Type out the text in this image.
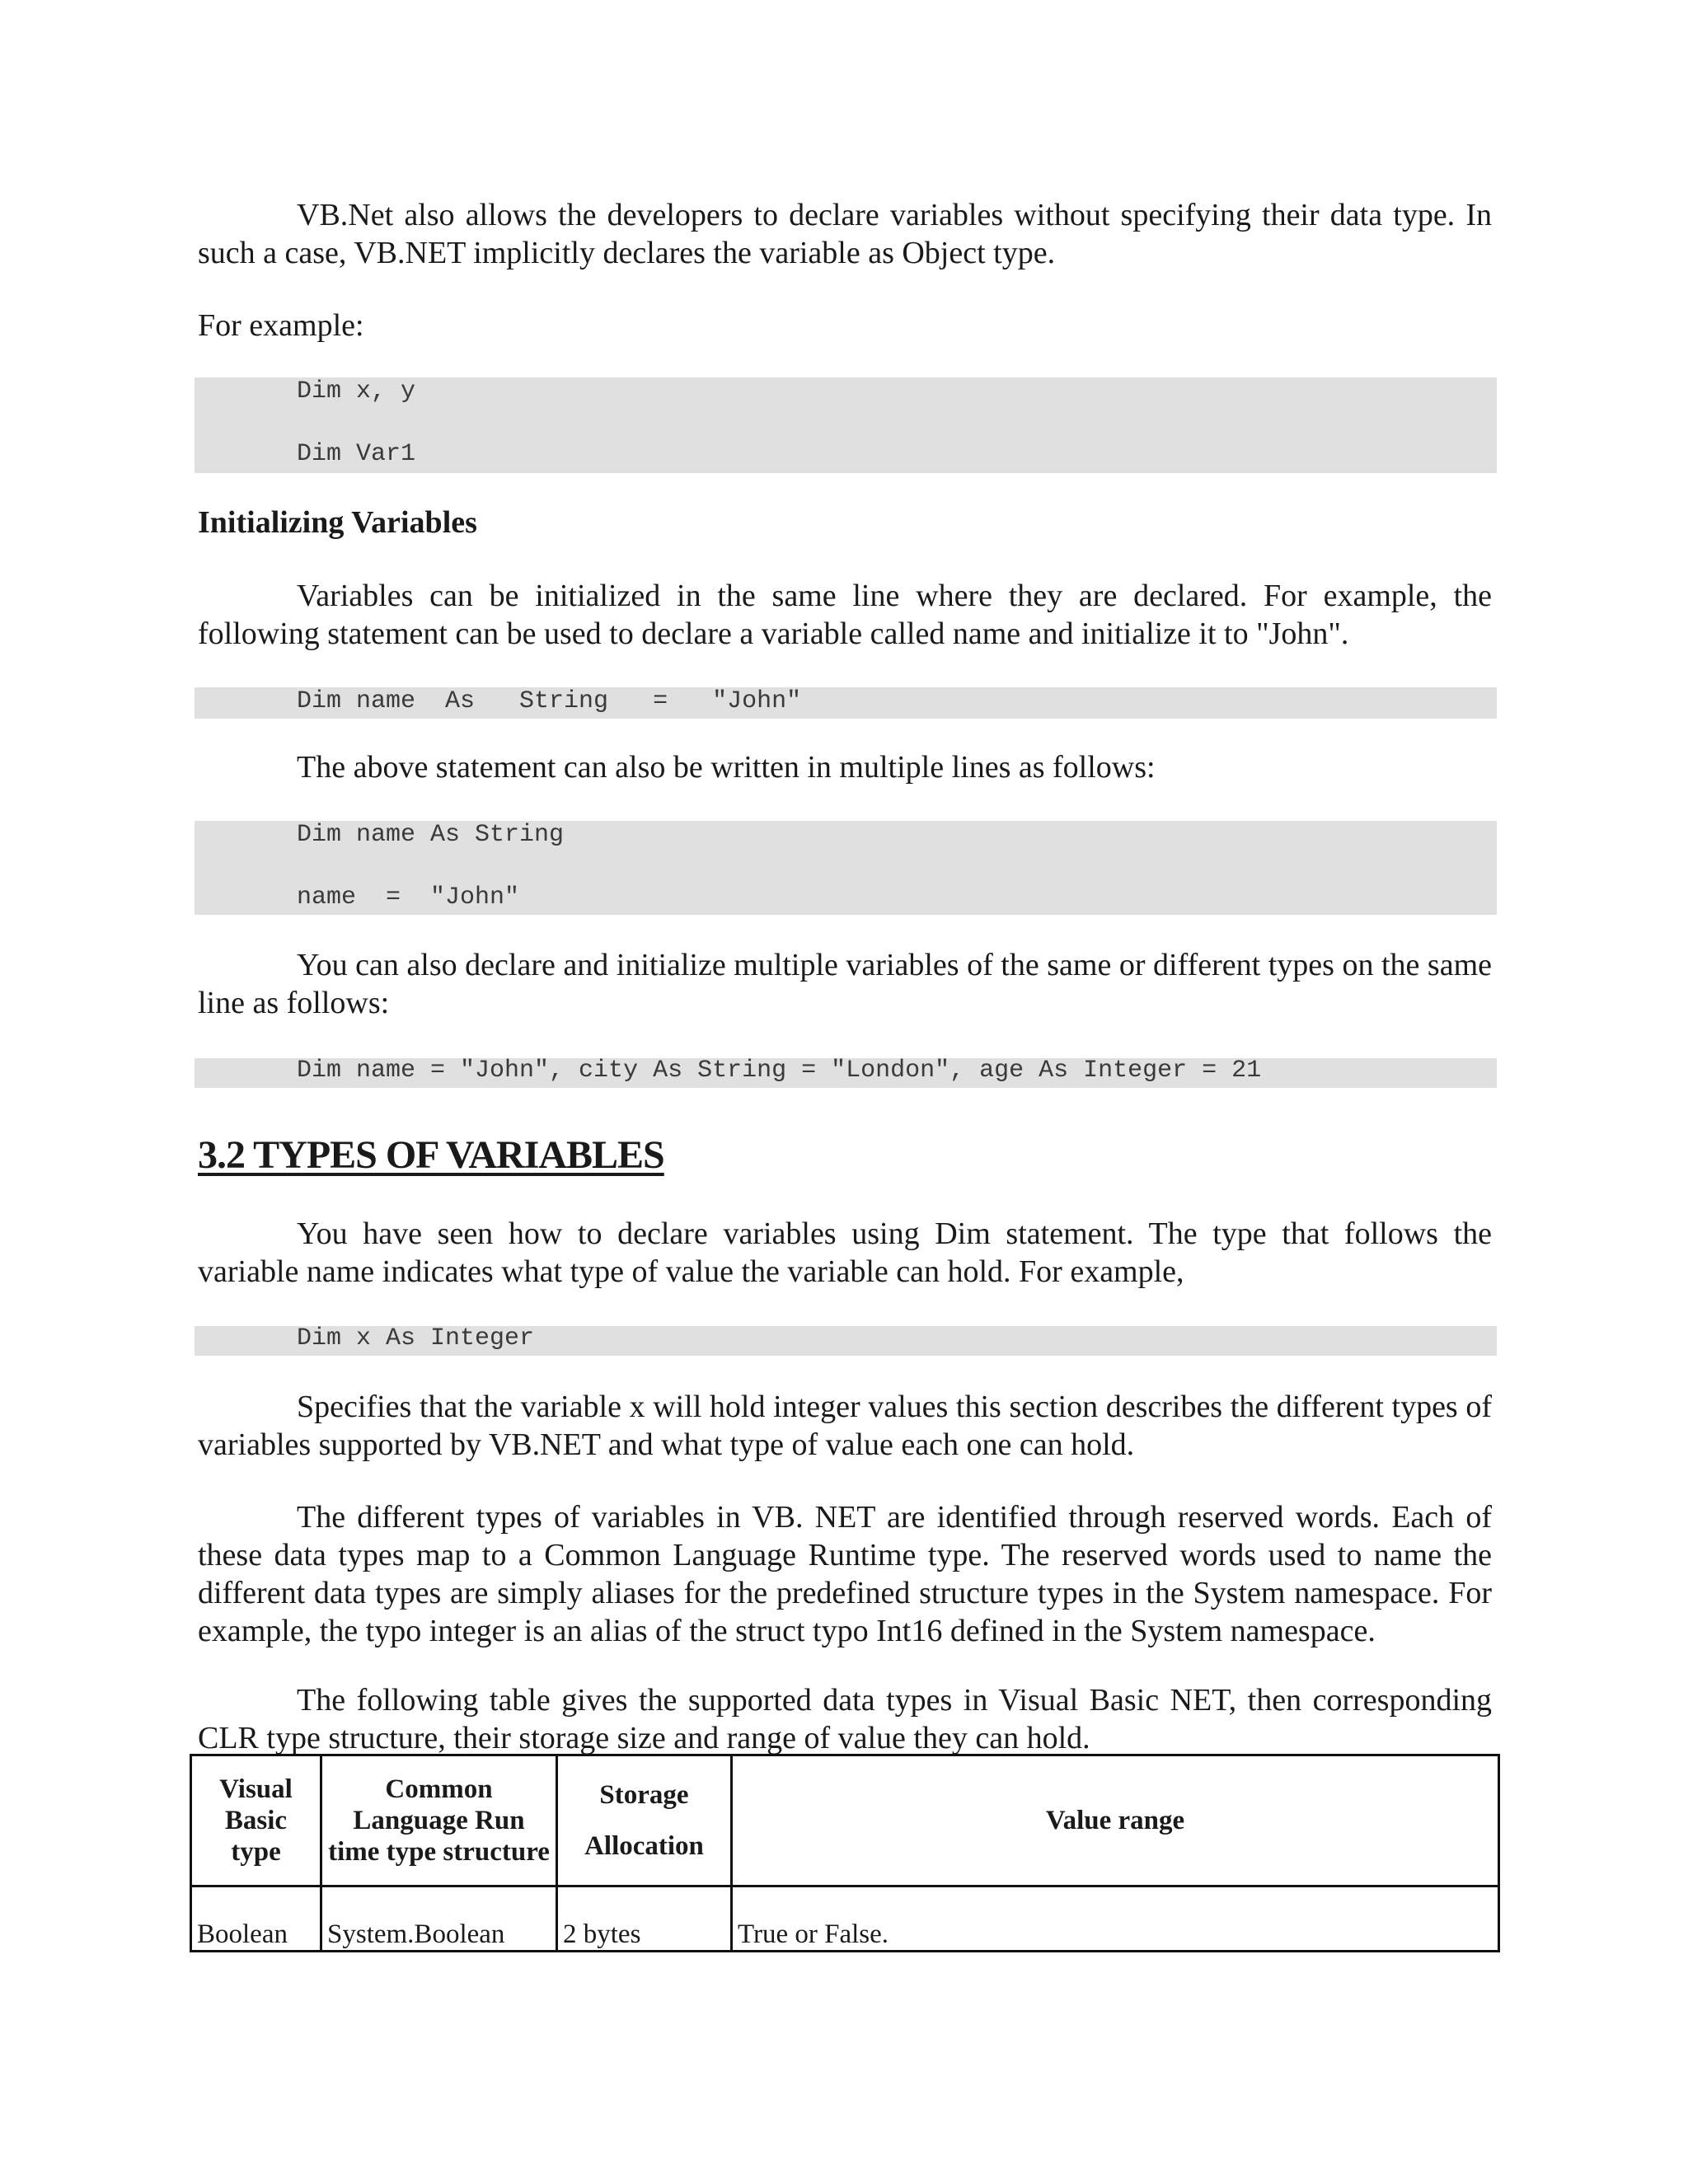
VB.Net also allows the developers to declare variables without specifying their data type. In such a case, VB.NET implicitly declares the variable as Object type.

For example:

Dim x, y
Dim Var1
Initializing Variables

Variables can be initialized in the same line where they are declared. For example, the following statement can be used to declare a variable called name and initialize it to "John".

Dim name  As   String   =   "John"

The above statement can also be written in multiple lines as follows:

Dim name As String
name  =  "John"

You can also declare and initialize multiple variables of the same or different types on the same line as follows:

Dim name = "John", city As String = "London", age As Integer = 21
3.2 TYPES OF VARIABLES

You have seen how to declare variables using Dim statement. The type that follows the variable name indicates what type of value the variable can hold. For example,

Dim x As Integer

Specifies that the variable x will hold integer values this section describes the different types of variables supported by VB.NET and what type of value each one can hold.

The different types of variables in VB. NET are identified through reserved words. Each of these data types map to a Common Language Runtime type. The reserved words used to name the different data types are simply aliases for the predefined structure types in the System namespace. For example, the typo integer is an alias of the struct typo Int16 defined in the System namespace.

The following table gives the supported data types in Visual Basic NET, then corresponding CLR type structure, their storage size and range of value they can hold.

Visual
Basic type	Common
Language Run
time type structure	Storage
Allocation	Value range
Boolean	System.Boolean	2 bytes	True or False.
